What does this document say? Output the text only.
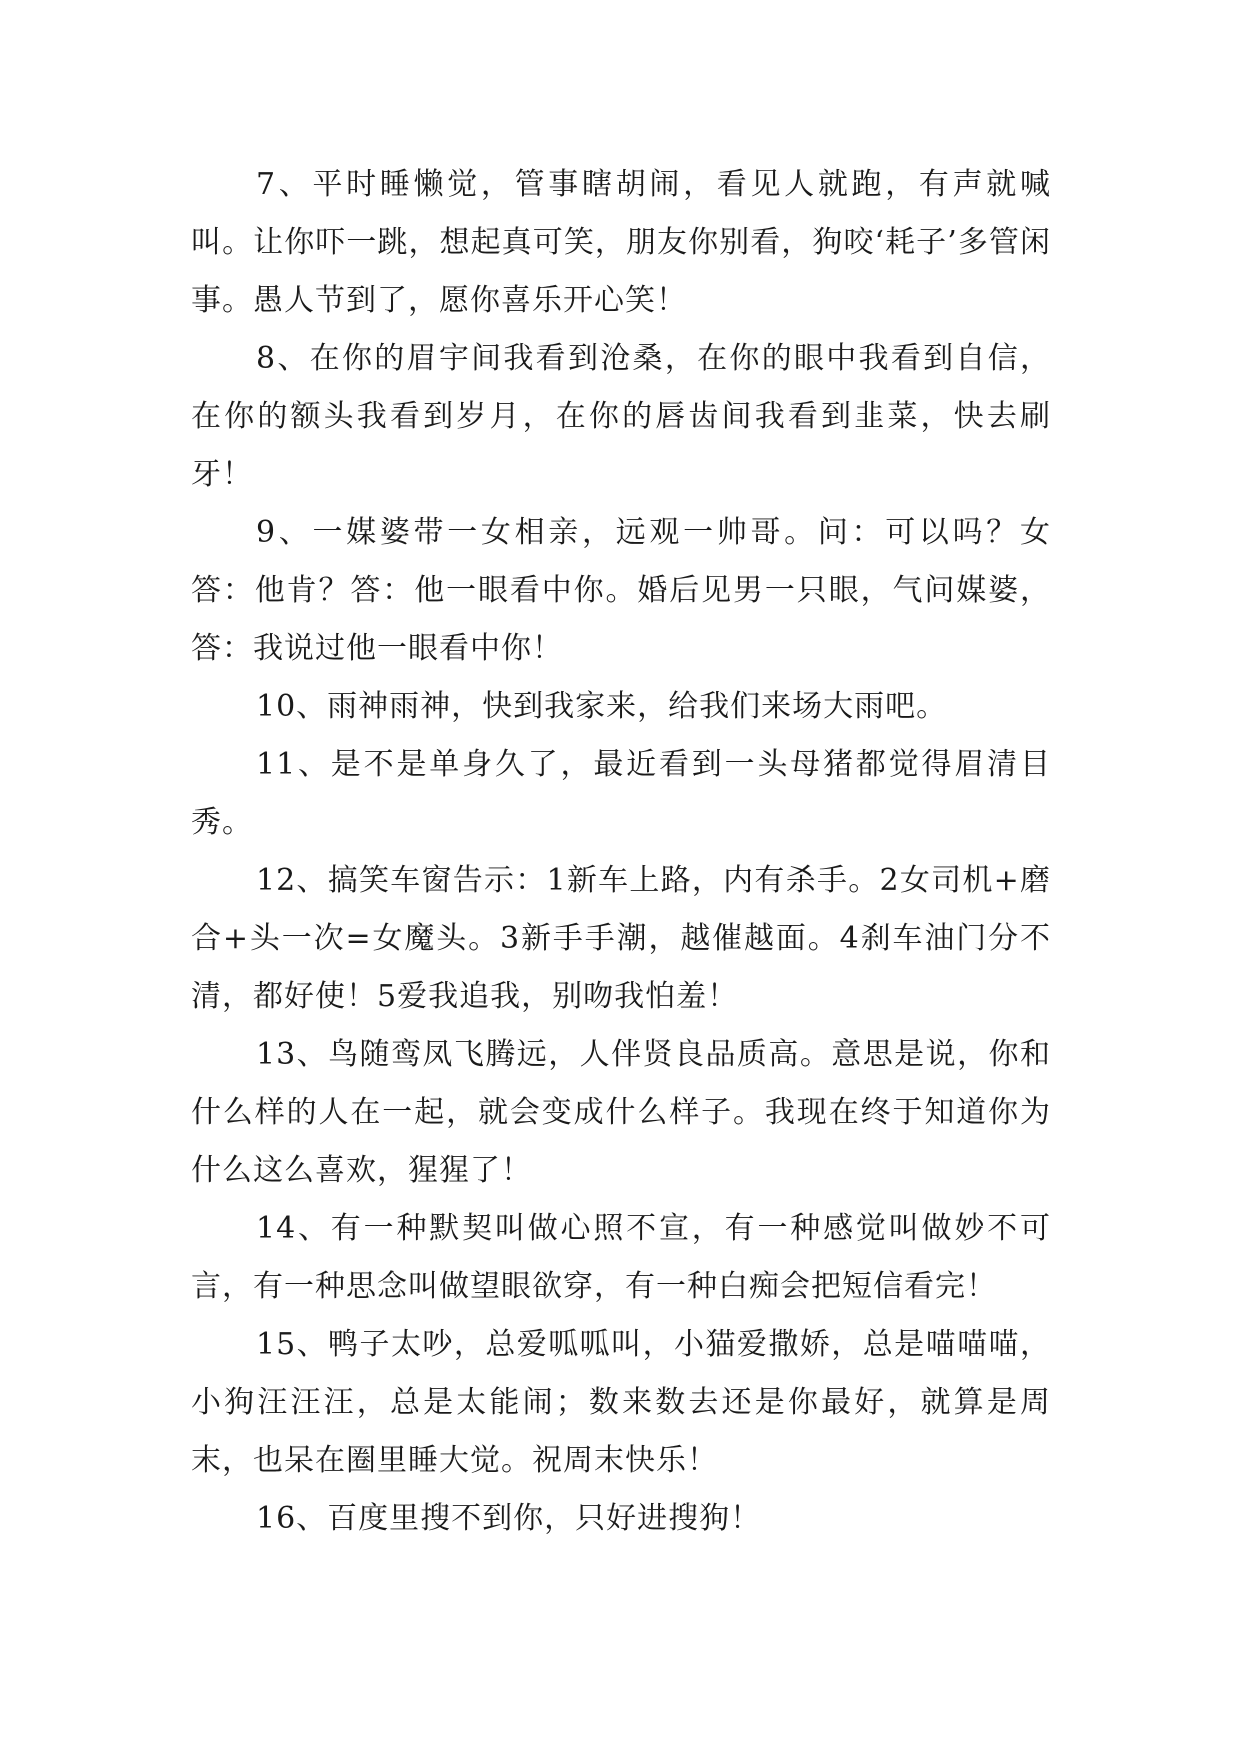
7、平时睡懒觉，管事瞎胡闹，看见人就跑，有声就喊叫。让你吓一跳，想起真可笑，朋友你别看，狗咬‘耗子’多管闲事。愚人节到了，愿你喜乐开心笑！

8、在你的眉宇间我看到沧桑，在你的眼中我看到自信，在你的额头我看到岁月，在你的唇齿间我看到韭菜，快去刷牙！

9、一媒婆带一女相亲，远观一帅哥。问：可以吗？女答：他肯？答：他一眼看中你。婚后见男一只眼，气问媒婆，答：我说过他一眼看中你！

10、雨神雨神，快到我家来，给我们来场大雨吧。

11、是不是单身久了，最近看到一头母猪都觉得眉清目秀。

12、搞笑车窗告示：1新车上路，内有杀手。2女司机+磨合+头一次=女魔头。3新手手潮，越催越面。4刹车油门分不清，都好使！5爱我追我，别吻我怕羞！

13、鸟随鸾凤飞腾远，人伴贤良品质高。意思是说，你和什么样的人在一起，就会变成什么样子。我现在终于知道你为什么这么喜欢，猩猩了！

14、有一种默契叫做心照不宣，有一种感觉叫做妙不可言，有一种思念叫做望眼欲穿，有一种白痴会把短信看完！

15、鸭子太吵，总爱呱呱叫，小猫爱撒娇，总是喵喵喵，小狗汪汪汪，总是太能闹；数来数去还是你最好，就算是周末，也呆在圈里睡大觉。祝周末快乐！

16、百度里搜不到你，只好进搜狗！
